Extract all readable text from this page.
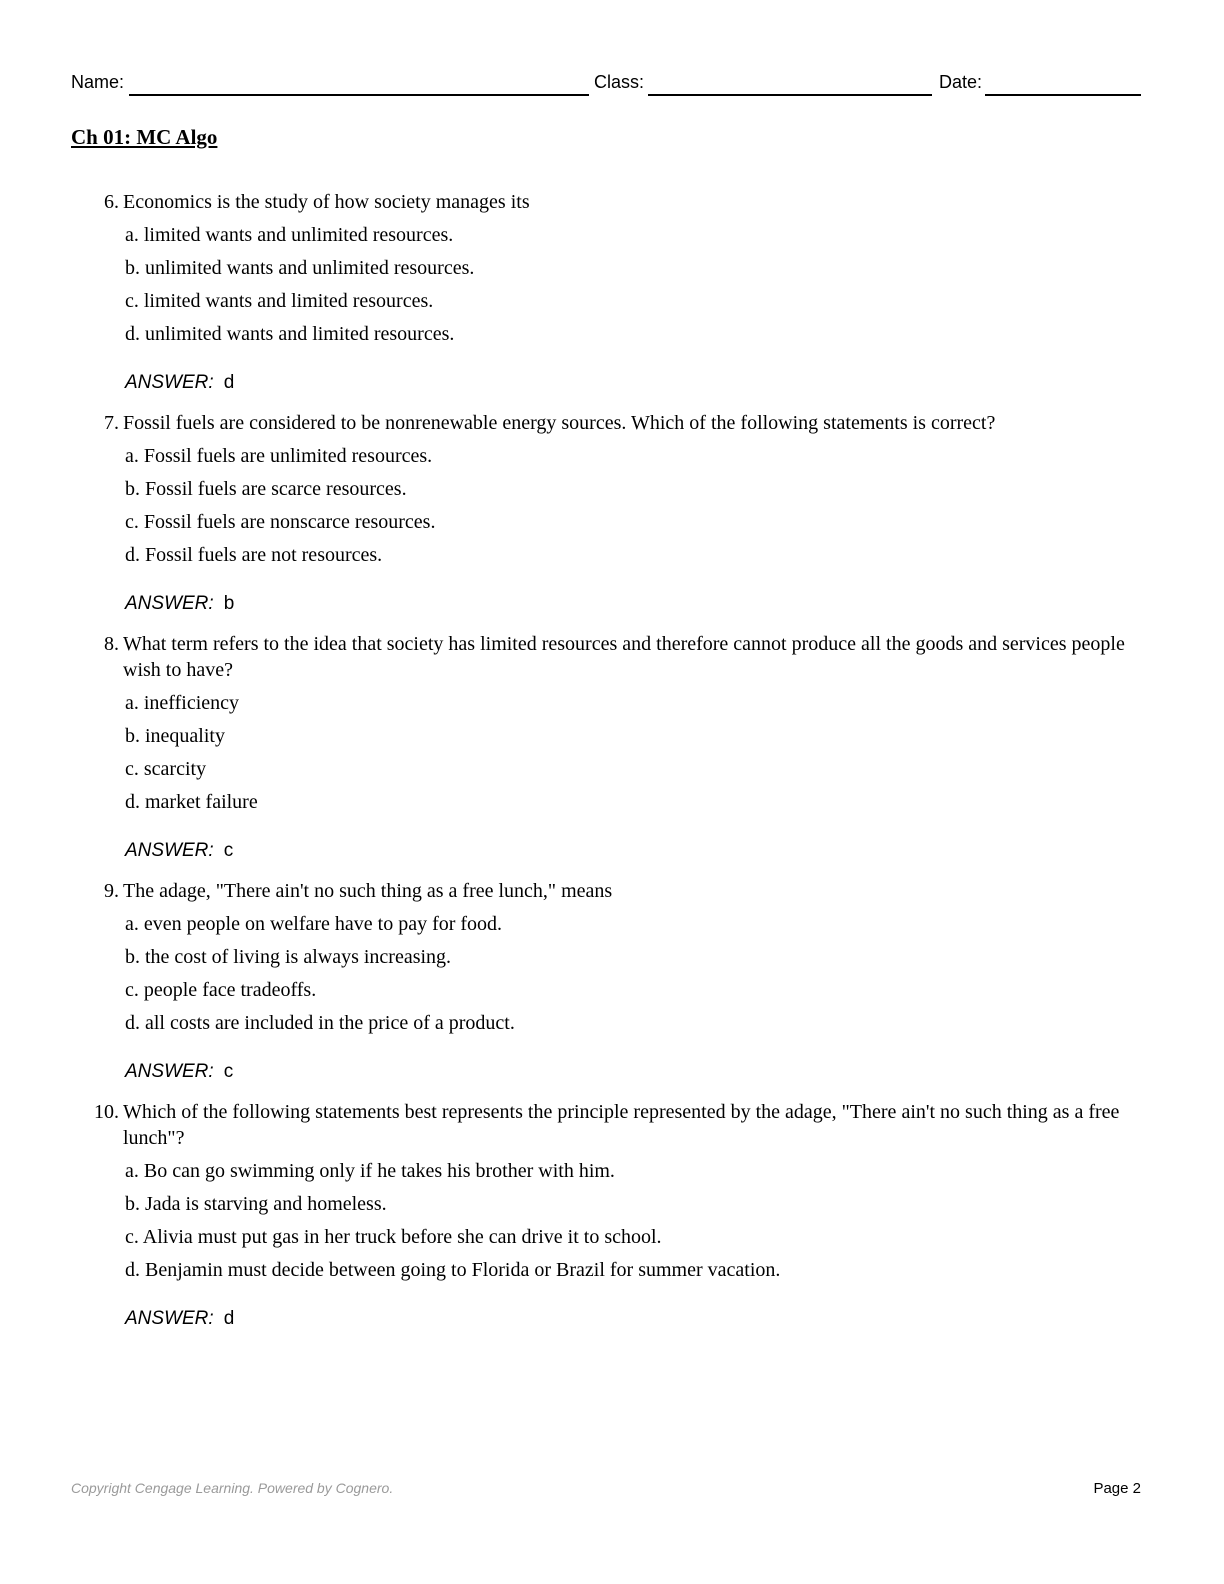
Name:	Class:	Date:
Ch 01: MC Algo
6. Economics is the study of how society manages its
a. limited wants and unlimited resources.
b. unlimited wants and unlimited resources.
c. limited wants and limited resources.
d. unlimited wants and limited resources.
ANSWER: d
7. Fossil fuels are considered to be nonrenewable energy sources. Which of the following statements is correct?
a. Fossil fuels are unlimited resources.
b. Fossil fuels are scarce resources.
c. Fossil fuels are nonscarce resources.
d. Fossil fuels are not resources.
ANSWER: b
8. What term refers to the idea that society has limited resources and therefore cannot produce all the goods and services people wish to have?
a. inefficiency
b. inequality
c. scarcity
d. market failure
ANSWER: c
9. The adage, "There ain't no such thing as a free lunch," means
a. even people on welfare have to pay for food.
b. the cost of living is always increasing.
c. people face tradeoffs.
d. all costs are included in the price of a product.
ANSWER: c
10. Which of the following statements best represents the principle represented by the adage, "There ain't no such thing as a free lunch"?
a. Bo can go swimming only if he takes his brother with him.
b. Jada is starving and homeless.
c. Alivia must put gas in her truck before she can drive it to school.
d. Benjamin must decide between going to Florida or Brazil for summer vacation.
ANSWER: d
Copyright Cengage Learning. Powered by Cognero.	Page 2
